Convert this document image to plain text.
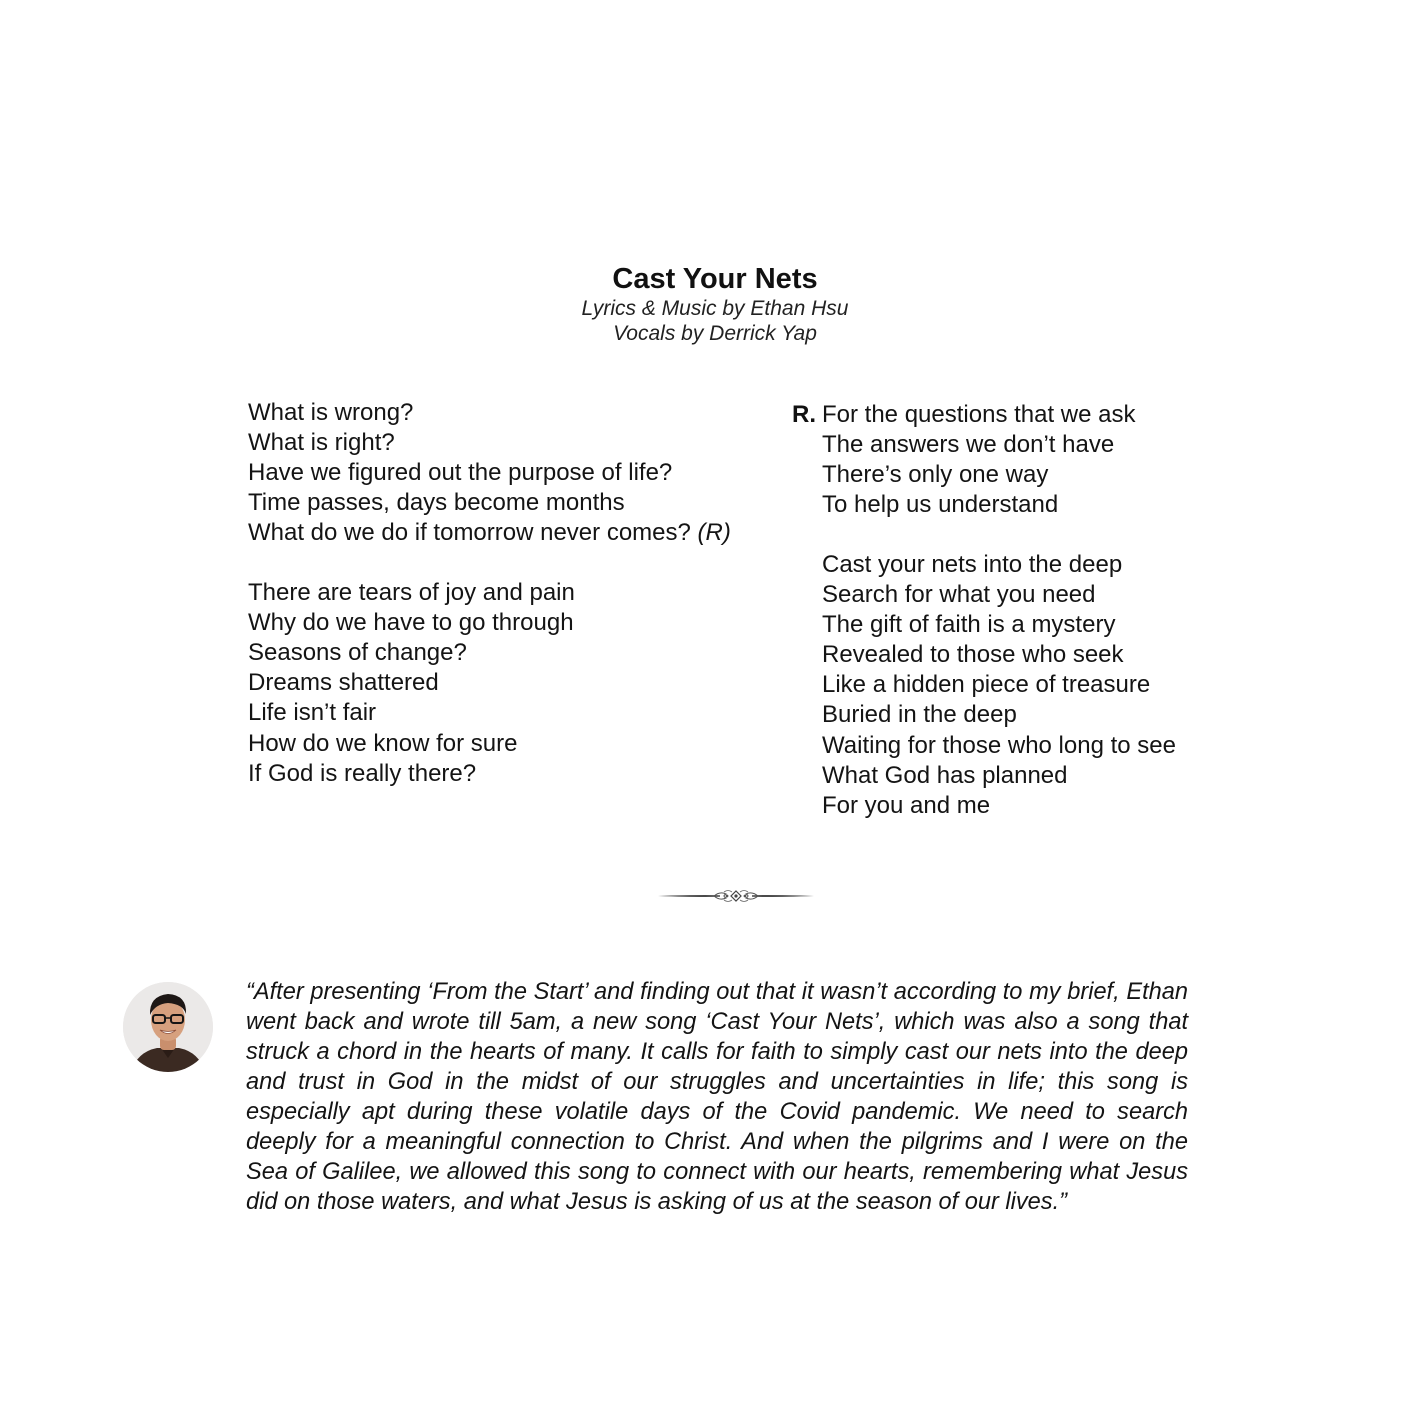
Cast Your Nets
Lyrics & Music by Ethan Hsu
Vocals by Derrick Yap
What is wrong?
What is right?
Have we figured out the purpose of life?
Time passes, days become months
What do we do if tomorrow never comes? (R)
There are tears of joy and pain
Why do we have to go through
Seasons of change?
Dreams shattered
Life isn’t fair
How do we know for sure
If God is really there?
R. For the questions that we ask
The answers we don’t have
There’s only one way
To help us understand
Cast your nets into the deep
Search for what you need
The gift of faith is a mystery
Revealed to those who seek
Like a hidden piece of treasure
Buried in the deep
Waiting for those who long to see
What God has planned
For you and me
“After presenting ‘From the Start’ and finding out that it wasn’t according to my brief, Ethan went back and wrote till 5am, a new song ‘Cast Your Nets’, which was also a song that struck a chord in the hearts of many. It calls for faith to simply cast our nets into the deep and trust in God in the midst of our struggles and uncertainties in life; this song is especially apt during these volatile days of the Covid pandemic. We need to search deeply for a meaningful connection to Christ. And when the pilgrims and I were on the Sea of Galilee, we allowed this song to connect with our hearts, remembering what Jesus did on those waters, and what Jesus is asking of us at the season of our lives.”
